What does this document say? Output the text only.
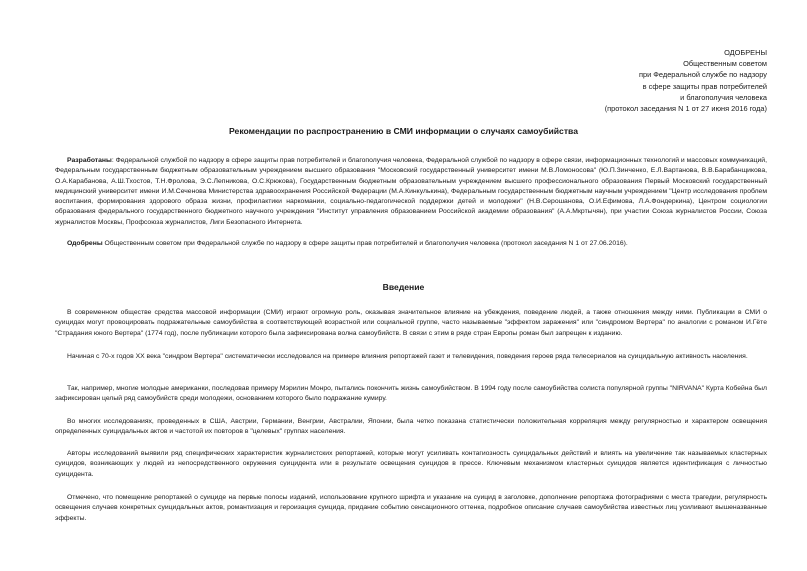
ОДОБРЕНЫ
Общественным советом
при Федеральной службе по надзору
в сфере защиты прав потребителей
и благополучия человека
(протокол заседания N 1 от 27 июня 2016 года)
Рекомендации по распространению в СМИ информации о случаях самоубийства

Разработаны: Федеральной службой по надзору в сфере защиты прав потребителей и благополучия человека, Федеральной службой по надзору в сфере связи, информационных технологий и массовых коммуникаций, Федеральным государственным бюджетным образовательным учреждением высшего образования "Московский государственный университет имени М.В.Ломоносова" (Ю.П.Зинченко, Е.Л.Вартанова, В.В.Барабанщикова, О.А.Карабанова, А.Ш.Тхостов, Т.Н.Фролова, Э.С.Лепникова, О.С.Крюкова), Государственным бюджетным образовательным учреждением высшего профессионального образования Первый Московский государственный медицинский университет имени И.М.Сеченова Министерства здравоохранения Российской Федерации (М.А.Кинкулькина), Федеральным государственным бюджетным научным учреждением "Центр исследования проблем воспитания, формирования здорового образа жизни, профилактики наркомании, социально-педагогической поддержки детей и молодежи" (Н.В.Серошанова, О.И.Ефимова, Л.А.Фондеркина), Центром социологии образования федерального государственного бюджетного научного учреждения "Институт управления образованием Российской академии образования" (А.А.Мкртычян), при участии Союза журналистов России, Союза журналистов Москвы, Профсоюза журналистов, Лиги Безопасного Интернета.

Одобрены Общественным советом при Федеральной службе по надзору в сфере защиты прав потребителей и благополучия человека (протокол заседания N 1 от 27.06.2016).

Введение

В современном обществе средства массовой информации (СМИ) играют огромную роль, оказывая значительное влияние на убеждения, поведение людей, а также отношения между ними. Публикации в СМИ о суицидах могут провоцировать подражательные самоубийства в соответствующей возрастной или социальной группе, часто называемые "эффектом заражения" или "синдромом Вертера" по аналогии с романом И.Гёте "Страдания юного Вертера" (1774 год), после публикации которого была зафиксирована волна самоубийств. В связи с этим в ряде стран Европы роман был запрещен к изданию.

Начиная с 70-х годов XX века "синдром Вертера" систематически исследовался на примере влияния репортажей газет и телевидения, поведения героев ряда телесериалов на суицидальную активность населения.

Так, например, многие молодые американки, последовав примеру Мэрилин Монро, пытались покончить жизнь самоубийством. В 1994 году после самоубийства солиста популярной группы "NIRVANA" Курта Кобейна был зафиксирован целый ряд самоубийств среди молодежи, основанием которого было подражание кумиру.

Во многих исследованиях, проведенных в США, Австрии, Германии, Венгрии, Австралии, Японии, была четко показана статистически положительная корреляция между регулярностью и характером освещения определенных суицидальных актов и частотой их повторов в "целевых" группах населения.

Авторы исследований выявили ряд специфических характеристик журналистских репортажей, которые могут усиливать контагиозность суицидальных действий и влиять на увеличение так называемых кластерных суицидов, возникающих у людей из непосредственного окружения суицидента или в результате освещения суицидов в прессе. Ключевым механизмом кластерных суицидов является идентификация с личностью суицидента.

Отмечено, что помещение репортажей о суициде на первые полосы изданий, использование крупного шрифта и указание на суицид в заголовке, дополнение репортажа фотографиями с места трагедии, регулярность освещения случаев конкретных суицидальных актов, романтизация и героизация суицида, придание событию сенсационного оттенка, подробное описание случаев самоубийства известных лиц усиливают вышеназванные эффекты.
